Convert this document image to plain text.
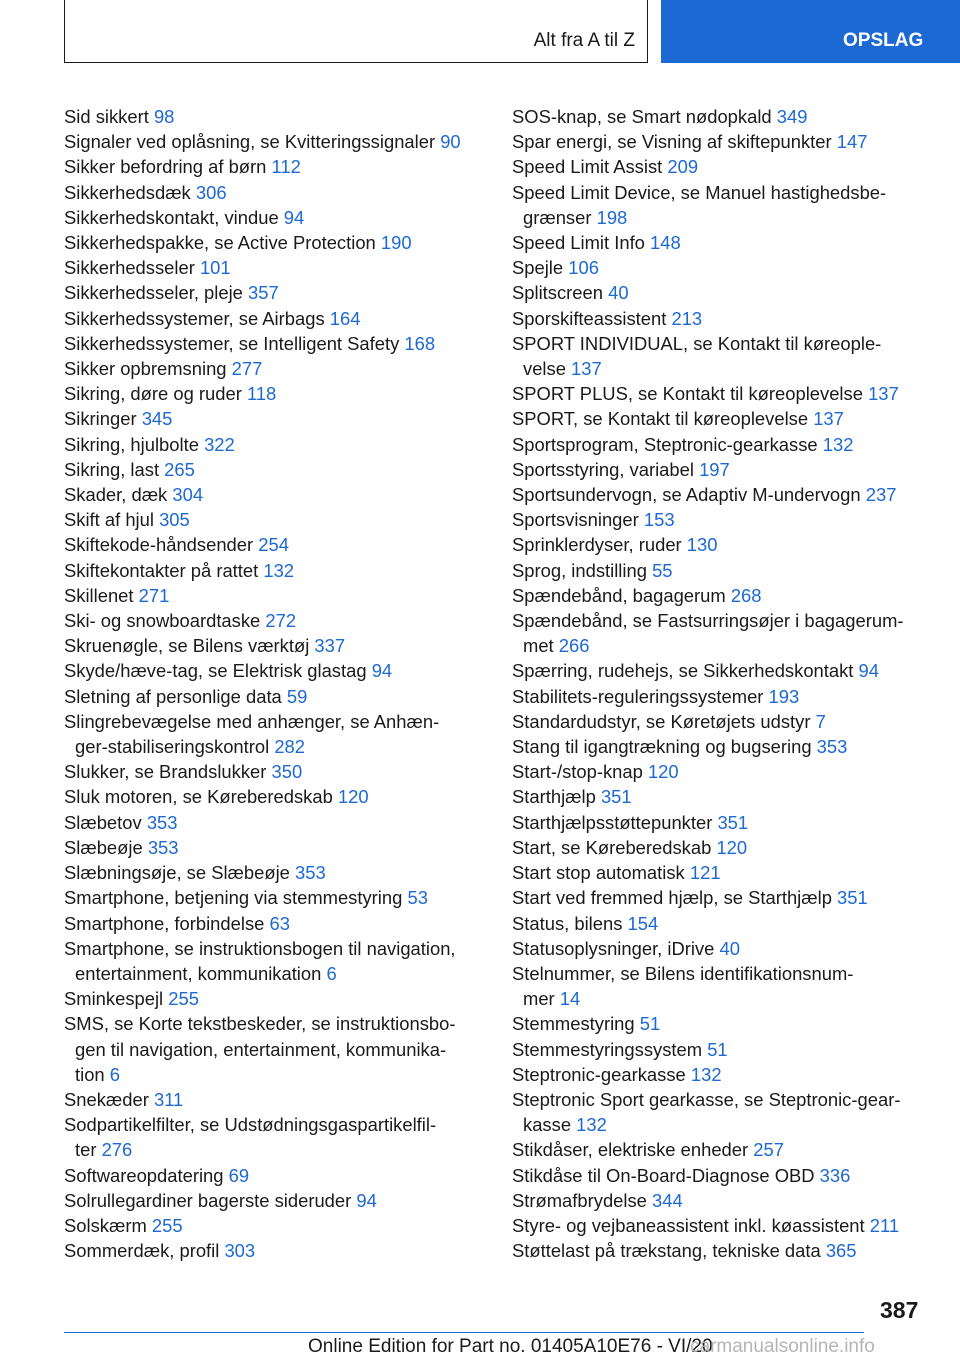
Alt fra A til Z	OPSLAG
Sid sikkert 98
Signaler ved oplåsning, se Kvitteringssignaler 90
Sikker befordring af børn 112
Sikkerhedsdæk 306
Sikkerhedskontakt, vindue 94
Sikkerhedspakke, se Active Protection 190
Sikkerhedsseler 101
Sikkerhedsseler, pleje 357
Sikkerhedssystemer, se Airbags 164
Sikkerhedssystemer, se Intelligent Safety 168
Sikker opbremsning 277
Sikring, døre og ruder 118
Sikringer 345
Sikring, hjulbolte 322
Sikring, last 265
Skader, dæk 304
Skift af hjul 305
Skiftekode-håndsender 254
Skiftekontakter på rattet 132
Skillenet 271
Ski- og snowboardtaske 272
Skruenøgle, se Bilens værktøj 337
Skyde/hæve-tag, se Elektrisk glastag 94
Sletning af personlige data 59
Slingrebevægelse med anhænger, se Anhæn-
ger-stabiliseringskontrol 282
Slukker, se Brandslukker 350
Sluk motoren, se Køreberedskab 120
Slæbetov 353
Slæbeøje 353
Slæbningsøje, se Slæbeøje 353
Smartphone, betjening via stemmestyring 53
Smartphone, forbindelse 63
Smartphone, se instruktionsbogen til navigation,
entertainment, kommunikation 6
Sminkespejl 255
SMS, se Korte tekstbeskeder, se instruktionsbo-
gen til navigation, entertainment, kommunika-
tion 6
Snekæder 311
Sodpartikelfilter, se Udstødningsgaspartikelfil-
ter 276
Softwareopdatering 69
Solrullegardiner bagerste sideruder 94
Solskærm 255
Sommerdæk, profil 303
SOS-knap, se Smart nødopkald 349
Spar energi, se Visning af skiftepunkter 147
Speed Limit Assist 209
Speed Limit Device, se Manuel hastighedsbe-
grænser 198
Speed Limit Info 148
Spejle 106
Splitscreen 40
Sporskifteassistent 213
SPORT INDIVIDUAL, se Kontakt til køreople-
velse 137
SPORT PLUS, se Kontakt til køreoplevelse 137
SPORT, se Kontakt til køreoplevelse 137
Sportsprogram, Steptronic-gearkasse 132
Sportsstyring, variabel 197
Sportsundervogn, se Adaptiv M-undervogn 237
Sportsvisninger 153
Sprinklerdyser, ruder 130
Sprog, indstilling 55
Spændebånd, bagagerum 268
Spændebånd, se Fastsurringsøjer i bagagerum-
met 266
Spærring, rudehejs, se Sikkerhedskontakt 94
Stabilitets-reguleringssystemer 193
Standardudstyr, se Køretøjets udstyr 7
Stang til igangtrækning og bugsering 353
Start-/stop-knap 120
Starthjælp 351
Starthjælpsstøttepunkter 351
Start, se Køreberedskab 120
Start stop automatisk 121
Start ved fremmed hjælp, se Starthjælp 351
Status, bilens 154
Statusoplysninger, iDrive 40
Stelnummer, se Bilens identifikationsnum-
mer 14
Stemmestyring 51
Stemmestyringssystem 51
Steptronic-gearkasse 132
Steptronic Sport gearkasse, se Steptronic-gear-
kasse 132
Stikdåser, elektriske enheder 257
Stikdåse til On-Board-Diagnose OBD 336
Strømafbrydelse 344
Styre- og vejbaneassistent inkl. køassistent 211
Støttelast på trækstang, tekniske data 365
387
Online Edition for Part no. 01405A10E76 - VI/20
carmanualsonline.info
